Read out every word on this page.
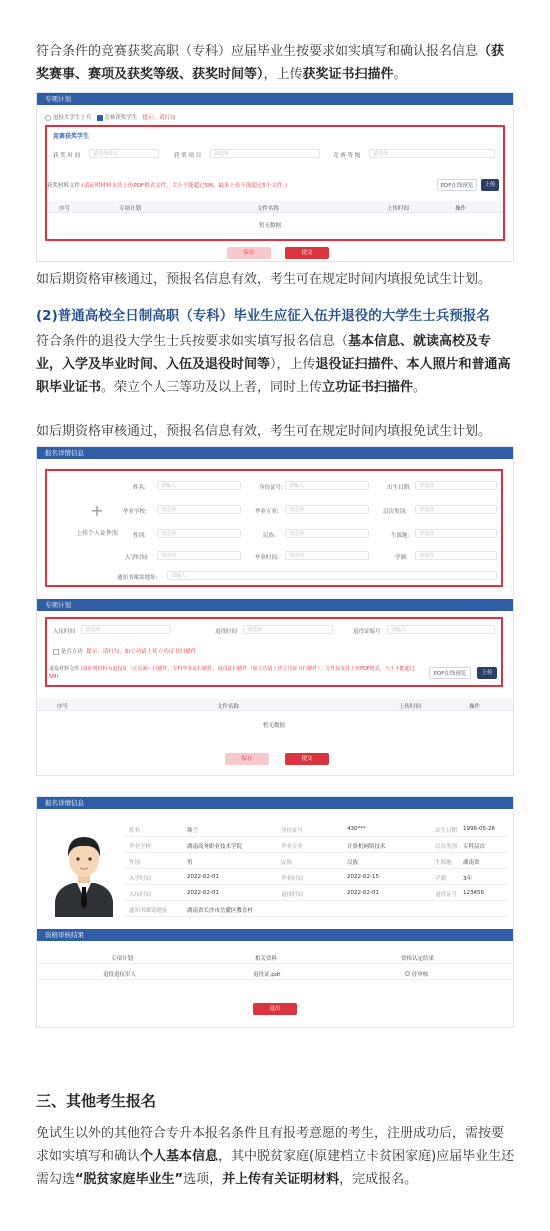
符合条件的竞赛获奖高职（专科）应届毕业生按要求如实填写和确认报名信息（获奖赛事、赛项及获奖等级、获奖时间等），上传获奖证书扫描件。
专项计划
退役大学生士兵 竞赛获奖学生 提示：请打勾
竞赛获奖学生
获 奖 时 间	请选择时间	获 奖 项 目	请选择	竞 赛 等 级	请选择
获奖材料文件 (请证明材料支持上传PDF格式文件，大小不能超过5M，最多上传不能超过5个文件。)	PDF在线预览	上传
序号	专项计划	文件名称	上传时间	操作
暂无数据
保存	提交
如后期资格审核通过，预报名信息有效，考生可在规定时间内填报免试生计划。
(2)普通高校全日制高职（专科）毕业生应征入伍并退役的大学生士兵预报名
符合条件的退役大学生士兵按要求如实填写报名信息（基本信息、就读高校及专业，入学及毕业时间、入伍及退役时间等），上传退役证扫描件、本人照片和普通高职毕业证书。荣立个人三等功及以上者，同时上传立功证书扫描件。
如后期资格审核通过，预报名信息有效，考生可在规定时间内填报免试生计划。
报名详情信息
+
上传个人证件照
姓名:	请输入	身份证号:	请输入	出生日期:	请选择
毕业学校:	请选择	毕业专业:	请选择	层次类别:	请选择
性别:	请选择	民族:	请选择	生源地:	请选择
入学时间:	请选择	毕业时间:	请选择	学制:	请选择
通知书邮寄地址:	请输入
专项计划
入伍时间	请选择	退役时间	请选择	退役证编号	请输入
是否立功 提示：请打勾，如立功请上传立功证书扫描件
退役材料文件 (请证明材料为退役证（正反面）扫描件，专科毕业证扫描件，退役证扫描件（如立功请上传立功证书扫描件）；文件仅支持上传PDF格式，大小不能超过5M)	PDF在线预览	上传
序号	文件名称	上传时间	操作
暂无数据
保存	提交
报名详情信息
姓名	韩兰	身份证号	430***	出生日期 1996-05-26
毕业学校	湖南商务职业技术学院	毕业专业	计算机网络技术	层次类别 专科层次
性别	男	民族	汉族	生源地 湖南省
入学时间	2022-02-01	毕业时间	2022-02-15	学制	3年
入伍时间	2022-02-01	退役时间	2022-02-01	退役证号 123456
通知书邮寄地址	湖南省长沙市岳麓区教育村
资格审核结果
专项计划	相关资料	资格认定结果
退役退伍军人	退役证.pdf	待审核
退出
三、其他考生报名
免试生以外的其他符合专升本报名条件且有报考意愿的考生，注册成功后，需按要求如实填写和确认个人基本信息，其中脱贫家庭(原建档立卡贫困家庭)应届毕业生还需勾选“脱贫家庭毕业生”选项，并上传有关证明材料，完成报名。
